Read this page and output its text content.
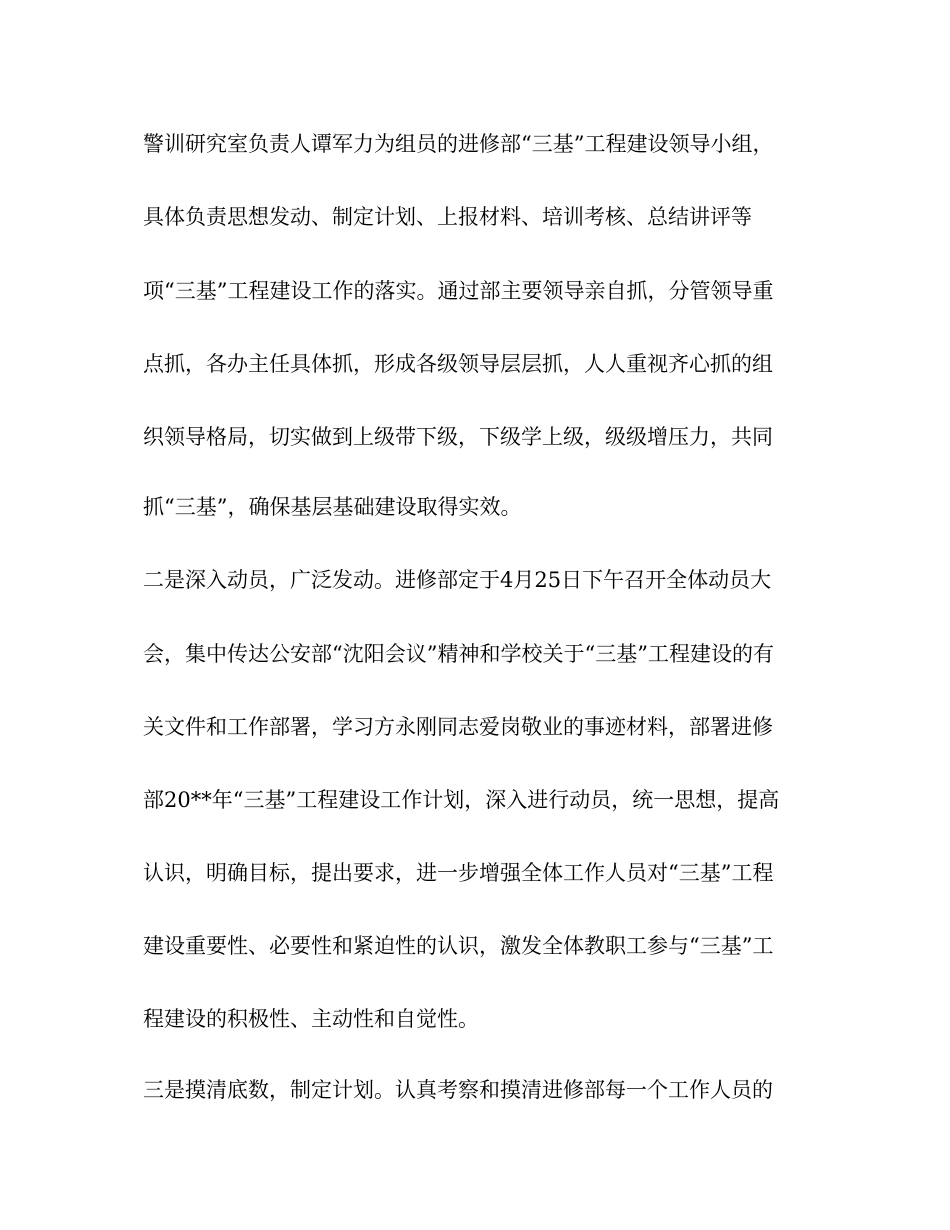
警训研究室负责人谭军力为组员的进修部“三基”工程建设领导小组，
具体负责思想发动、制定计划、上报材料、培训考核、总结讲评等
项“三基”工程建设工作的落实。通过部主要领导亲自抓，分管领导重
点抓，各办主任具体抓，形成各级领导层层抓，人人重视齐心抓的组
织领导格局，切实做到上级带下级，下级学上级，级级增压力，共同
抓“三基”，确保基层基础建设取得实效。
二是深入动员，广泛发动。进修部定于4月25日下午召开全体动员大
会，集中传达公安部“沈阳会议”精神和学校关于“三基”工程建设的有
关文件和工作部署，学习方永刚同志爱岗敬业的事迹材料，部署进修
部20**年“三基”工程建设工作计划，深入进行动员，统一思想，提高
认识，明确目标，提出要求，进一步增强全体工作人员对“三基”工程
建设重要性、必要性和紧迫性的认识，激发全体教职工参与“三基”工
程建设的积极性、主动性和自觉性。
三是摸清底数，制定计划。认真考察和摸清进修部每一个工作人员的
